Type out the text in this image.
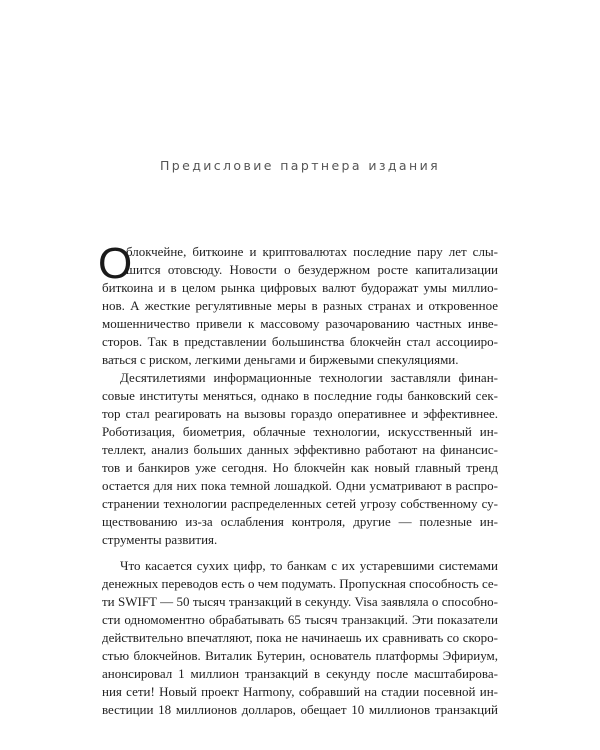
Предисловие партнера издания
О
блокчейне, биткоине и криптовалютах последние пару лет слы-
шится отовсюду. Новости о безудержном росте капитализации
биткоина и в целом рынка цифровых валют будоражат умы миллио-
нов. А жесткие регулятивные меры в разных странах и откровенное
мошенничество привели к массовому разочарованию частных инве-
сторов. Так в представлении большинства блокчейн стал ассоцииро-
ваться с риском, легкими деньгами и биржевыми спекуляциями.
Десятилетиями информационные технологии заставляли финан-
совые институты меняться, однако в последние годы банковский сек-
тор стал реагировать на вызовы гораздо оперативнее и эффективнее.
Роботизация, биометрия, облачные технологии, искусственный ин-
теллект, анализ больших данных эффективно работают на финансис-
тов и банкиров уже сегодня. Но блокчейн как новый главный тренд
остается для них пока темной лошадкой. Одни усматривают в распро-
странении технологии распределенных сетей угрозу собственному су-
ществованию из-за ослабления контроля, другие — полезные ин-
струменты развития.
Что касается сухих цифр, то банкам с их устаревшими системами
денежных переводов есть о чем подумать. Пропускная способность се-
ти SWIFT — 50 тысяч транзакций в секунду. Visa заявляла о способно-
сти одномоментно обрабатывать 65 тысяч транзакций. Эти показатели
действительно впечатляют, пока не начинаешь их сравнивать со скоро-
стью блокчейнов. Виталик Бутерин, основатель платформы Эфириум,
анонсировал 1 миллион транзакций в секунду после масштабирова-
ния сети! Новый проект Harmony, собравший на стадии посевной ин-
вестиции 18 миллионов долларов, обещает 10 миллионов транзакций
